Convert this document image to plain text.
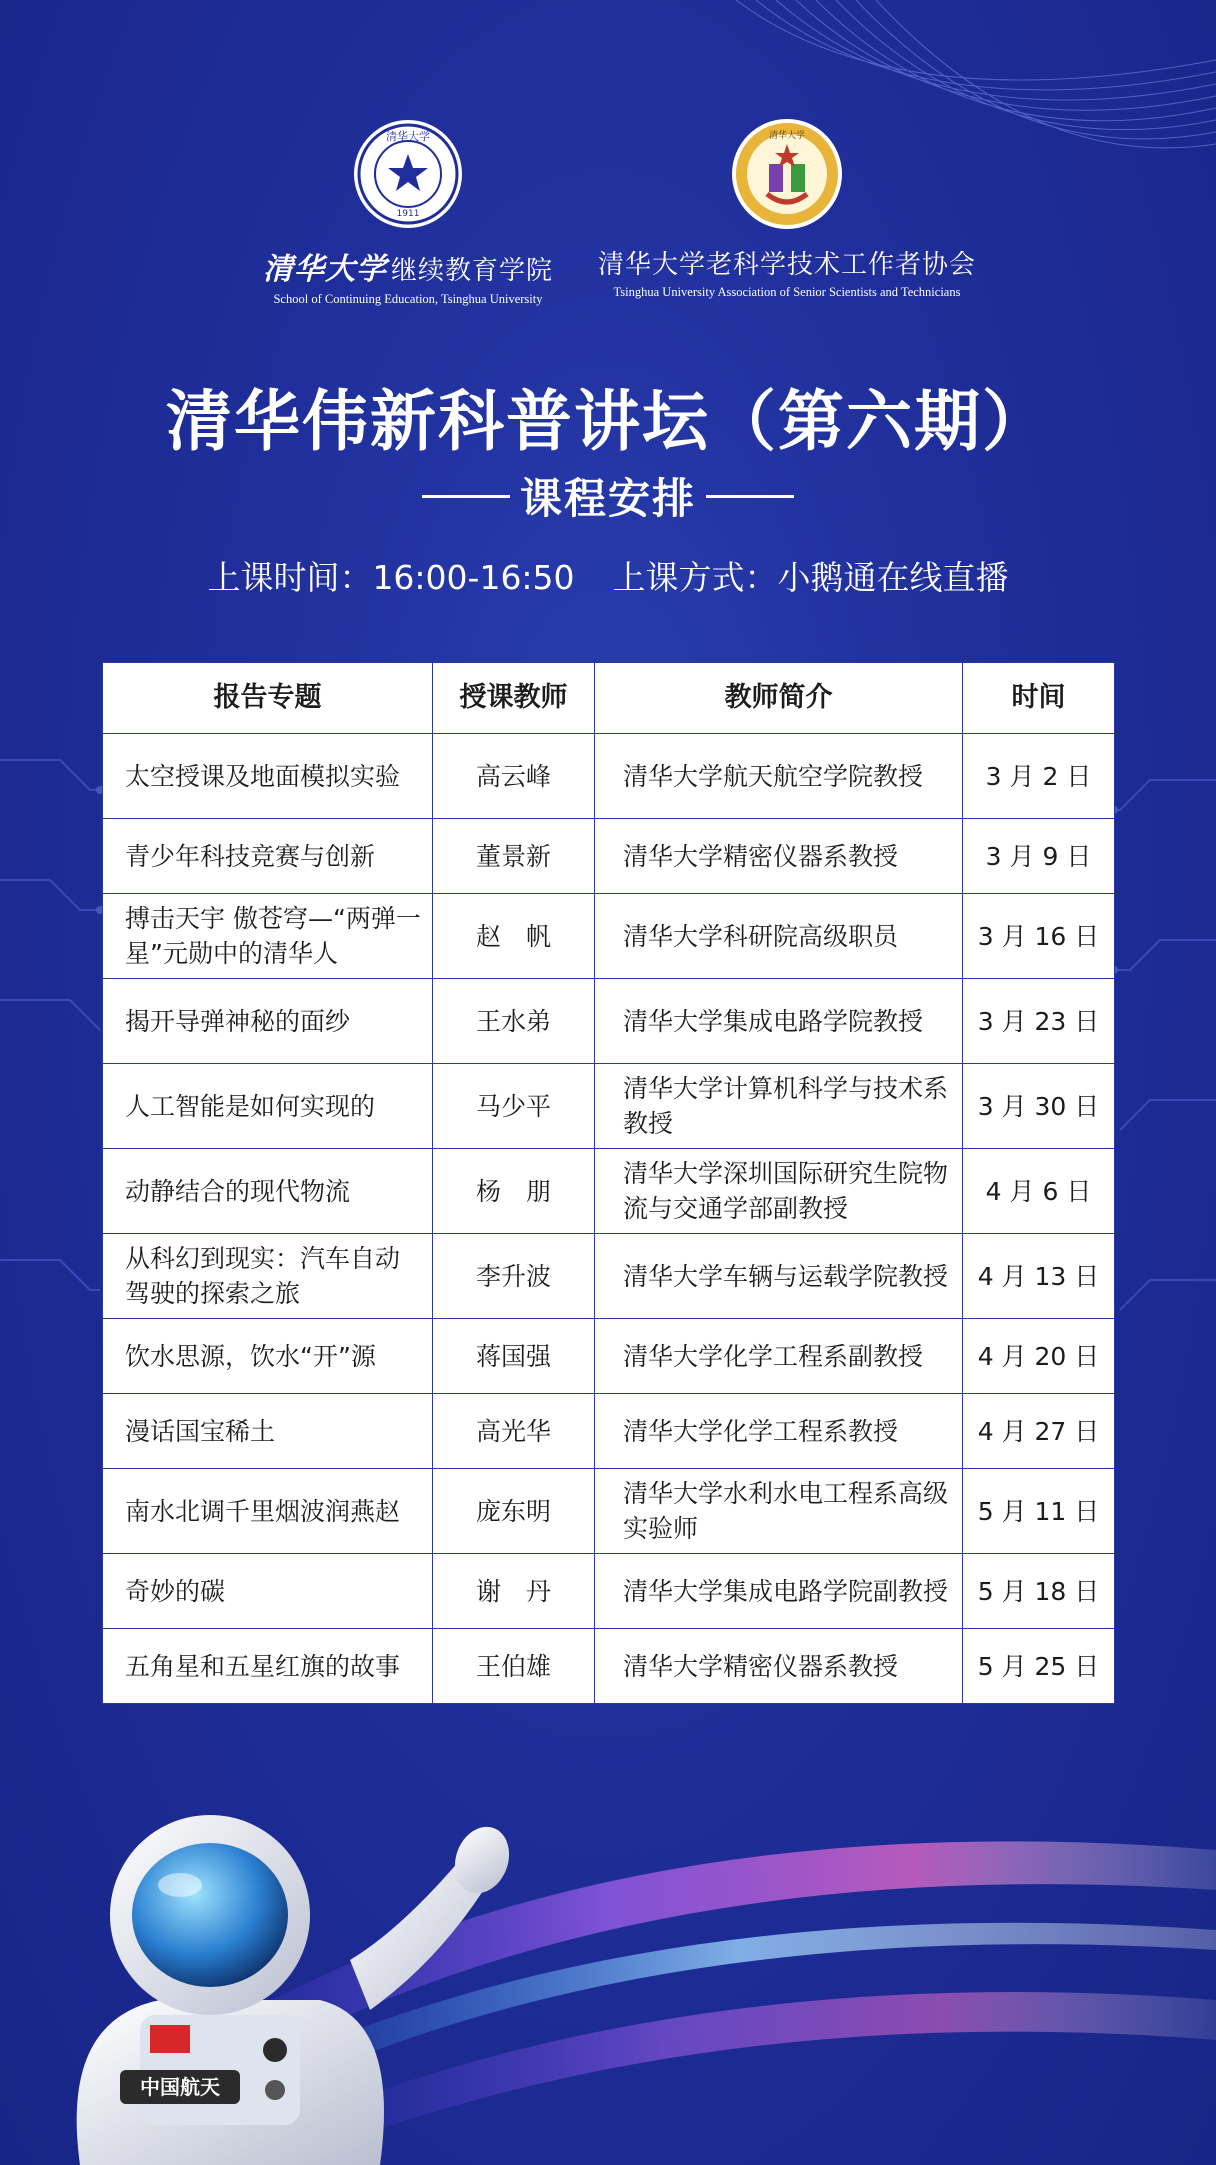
清华大学
1911
清华大学 继续教育学院
School of Continuing Education, Tsinghua University
清华大学
清华大学老科学技术工作者协会
Tsinghua University Association of Senior Scientists and Technicians
清华伟新科普讲坛（第六期）
课程安排
上课时间：16:00-16:50 上课方式：小鹅通在线直播
报告专题	授课教师	教师简介	时间
太空授课及地面模拟实验	高云峰	清华大学航天航空学院教授	3 月 2 日
青少年科技竞赛与创新	董景新	清华大学精密仪器系教授	3 月 9 日
搏击天宇 傲苍穹—“两弹一星”元勋中的清华人	赵　帆	清华大学科研院高级职员	3 月 16 日
揭开导弹神秘的面纱	王水弟	清华大学集成电路学院教授	3 月 23 日
人工智能是如何实现的	马少平	清华大学计算机科学与技术系教授	3 月 30 日
动静结合的现代物流	杨　朋	清华大学深圳国际研究生院物流与交通学部副教授	4 月 6 日
从科幻到现实：汽车自动驾驶的探索之旅	李升波	清华大学车辆与运载学院教授	4 月 13 日
饮水思源，饮水“开”源	蒋国强	清华大学化学工程系副教授	4 月 20 日
漫话国宝稀土	高光华	清华大学化学工程系教授	4 月 27 日
南水北调千里烟波润燕赵	庞东明	清华大学水利水电工程系高级实验师	5 月 11 日
奇妙的碳	谢　丹	清华大学集成电路学院副教授	5 月 18 日
五角星和五星红旗的故事	王伯雄	清华大学精密仪器系教授	5 月 25 日
中国航天
